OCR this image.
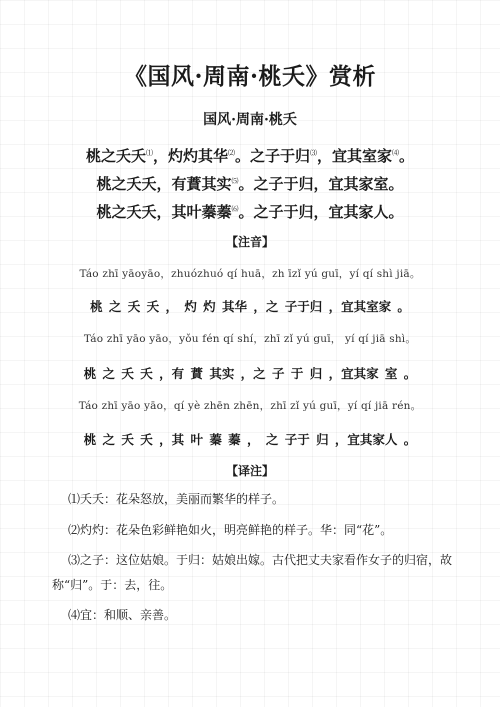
《国风·周南·桃夭》赏析
国风·周南·桃夭
桃之夭夭⑴，灼灼其华⑵。之子于归⑶，宜其室家⑷。
桃之夭夭，有蕡其实⑸。之子于归，宜其家室。
桃之夭夭，其叶蓁蓁⑹。之子于归，宜其家人。
【注音】
Táo zhī yāoyāo，zhuózhuó qí huā，zh īzǐ yú guī，yí qí shì jiā。
桃 之 夭 夭 ， 灼 灼 其华 ，之 子于归 ，宜其室家 。
Táo zhī yāo yāo，yǒu fén qí shí，zhī zǐ yú guī， yí qí jiā shì。
桃 之 夭 夭 ，有 蕡 其实 ，之 子 于 归 ，宜其家 室 。
Táo zhī yāo yāo，qí yè zhēn zhēn，zhī zǐ yú guī，yí qí jiā rén。
桃 之 夭 夭 ，其 叶 蓁 蓁 ， 之 子于 归 ，宜其家人 。
【译注】
⑴夭夭：花朵怒放，美丽而繁华的样子。
⑵灼灼：花朵色彩鲜艳如火，明亮鲜艳的样子。华：同“花”。
⑶之子：这位姑娘。于归：姑娘出嫁。古代把丈夫家看作女子的归宿，故称“归”。于：去，往。
⑷宜：和顺、亲善。
